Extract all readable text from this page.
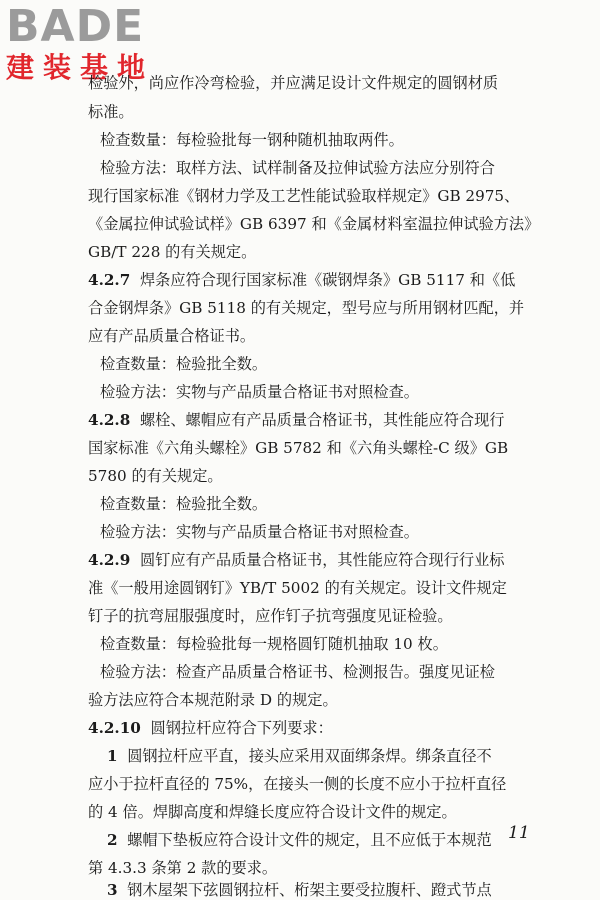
BADE
建装基地
检验外，尚应作冷弯检验，并应满足设计文件规定的圆钢材质
标准。
检查数量：每检验批每一钢种随机抽取两件。
检验方法：取样方法、试样制备及拉伸试验方法应分别符合
现行国家标准《钢材力学及工艺性能试验取样规定》GB 2975、
《金属拉伸试验试样》GB 6397 和《金属材料室温拉伸试验方法》
GB/T 228 的有关规定。
4.2.7 焊条应符合现行国家标准《碳钢焊条》GB 5117 和《低
合金钢焊条》GB 5118 的有关规定，型号应与所用钢材匹配，并
应有产品质量合格证书。
检查数量：检验批全数。
检验方法：实物与产品质量合格证书对照检查。
4.2.8 螺栓、螺帽应有产品质量合格证书，其性能应符合现行
国家标准《六角头螺栓》GB 5782 和《六角头螺栓-C 级》GB
5780 的有关规定。
检查数量：检验批全数。
检验方法：实物与产品质量合格证书对照检查。
4.2.9 圆钉应有产品质量合格证书，其性能应符合现行行业标
准《一般用途圆钢钉》YB/T 5002 的有关规定。设计文件规定
钉子的抗弯屈服强度时，应作钉子抗弯强度见证检验。
检查数量：每检验批每一规格圆钉随机抽取 10 枚。
检验方法：检查产品质量合格证书、检测报告。强度见证检
验方法应符合本规范附录 D 的规定。
4.2.10 圆钢拉杆应符合下列要求：
1 圆钢拉杆应平直，接头应采用双面绑条焊。绑条直径不
应小于拉杆直径的 75%，在接头一侧的长度不应小于拉杆直径
的 4 倍。焊脚高度和焊缝长度应符合设计文件的规定。
2 螺帽下垫板应符合设计文件的规定，且不应低于本规范
第 4.3.3 条第 2 款的要求。
3 钢木屋架下弦圆钢拉杆、桁架主要受拉腹杆、蹬式节点
11
